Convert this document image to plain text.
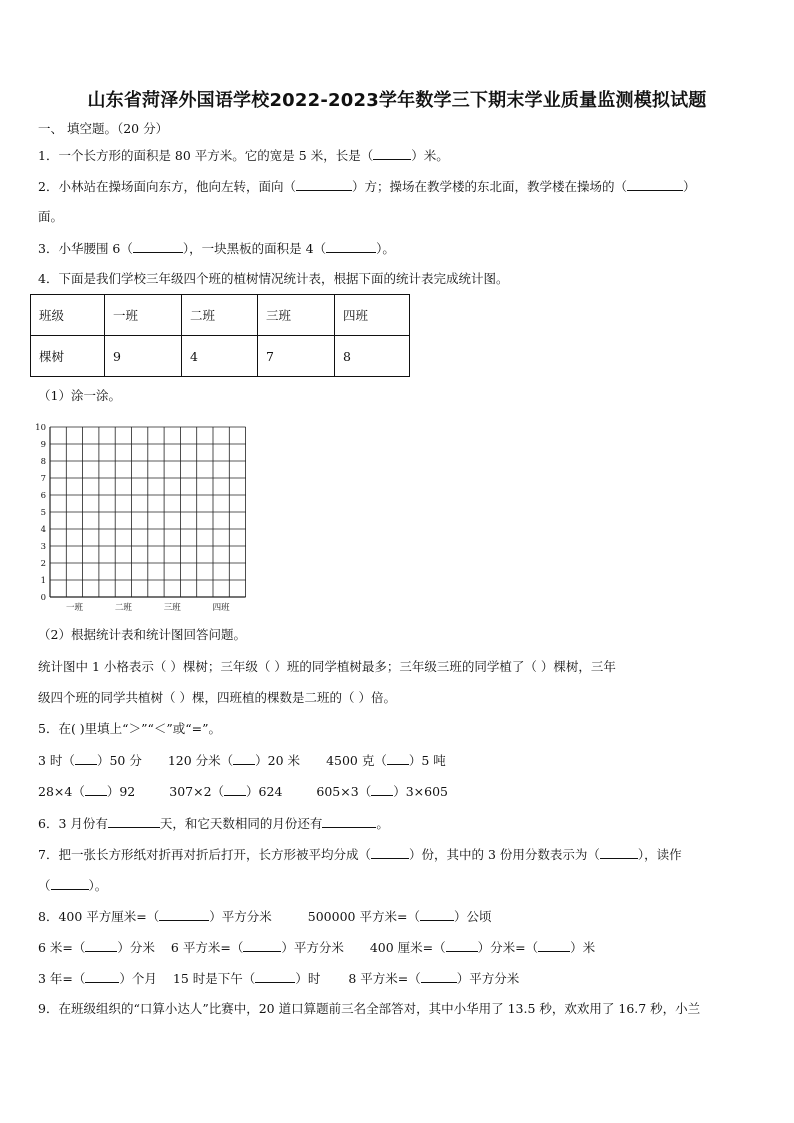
山东省菏泽外国语学校2022-2023学年数学三下期末学业质量监测模拟试题
一、 填空题。（20 分）
1．一个长方形的面积是 80 平方米。它的宽是 5 米，长是（	）米。
2．小林站在操场面向东方，他向左转，面向（	）方；操场在教学楼的东北面，教学楼在操场的（	）
面。
3．小华腰围 6（	），一块黑板的面积是 4（	）。
4．下面是我们学校三年级四个班的植树情况统计表，根据下面的统计表完成统计图。
班级	一班	二班	三班	四班
棵树	9	4	7	8
（1）涂一涂。
0
1
2
3
4
5
6
7
8
9
10
一班	二班	三班	四班
（2）根据统计表和统计图回答问题。
统计图中 1 小格表示（ ）棵树；三年级（ ）班的同学植树最多；三年级三班的同学植了（ ）棵树，三年
级四个班的同学共植树（ ）棵，四班植的棵数是二班的（ ）倍。
5．在( )里填上“＞”“＜”或“=”。
3 时（ ）50 分 120 分米（ ）20 米 4500 克（ ）5 吨
28×4（ ）92	307×2（ ）624	605×3（ ）3×605
6．3 月份有	天，和它天数相同的月份还有	。
7．把一张长方形纸对折再对折后打开，长方形被平均分成（	）份，其中的 3 份用分数表示为（	），读作
（	）。
8．400 平方厘米=（	）平方分米	500000 平方米=（	）公顷
6 米=（	）分米 6 平方米=（	）平方分米 400 厘米=（	）分米=（	）米
3 年=（	）个月 15 时是下午（	）时 8 平方米=（	）平方分米
9．在班级组织的“口算小达人”比赛中，20 道口算题前三名全部答对，其中小华用了 13.5 秒，欢欢用了 16.7 秒，小兰
